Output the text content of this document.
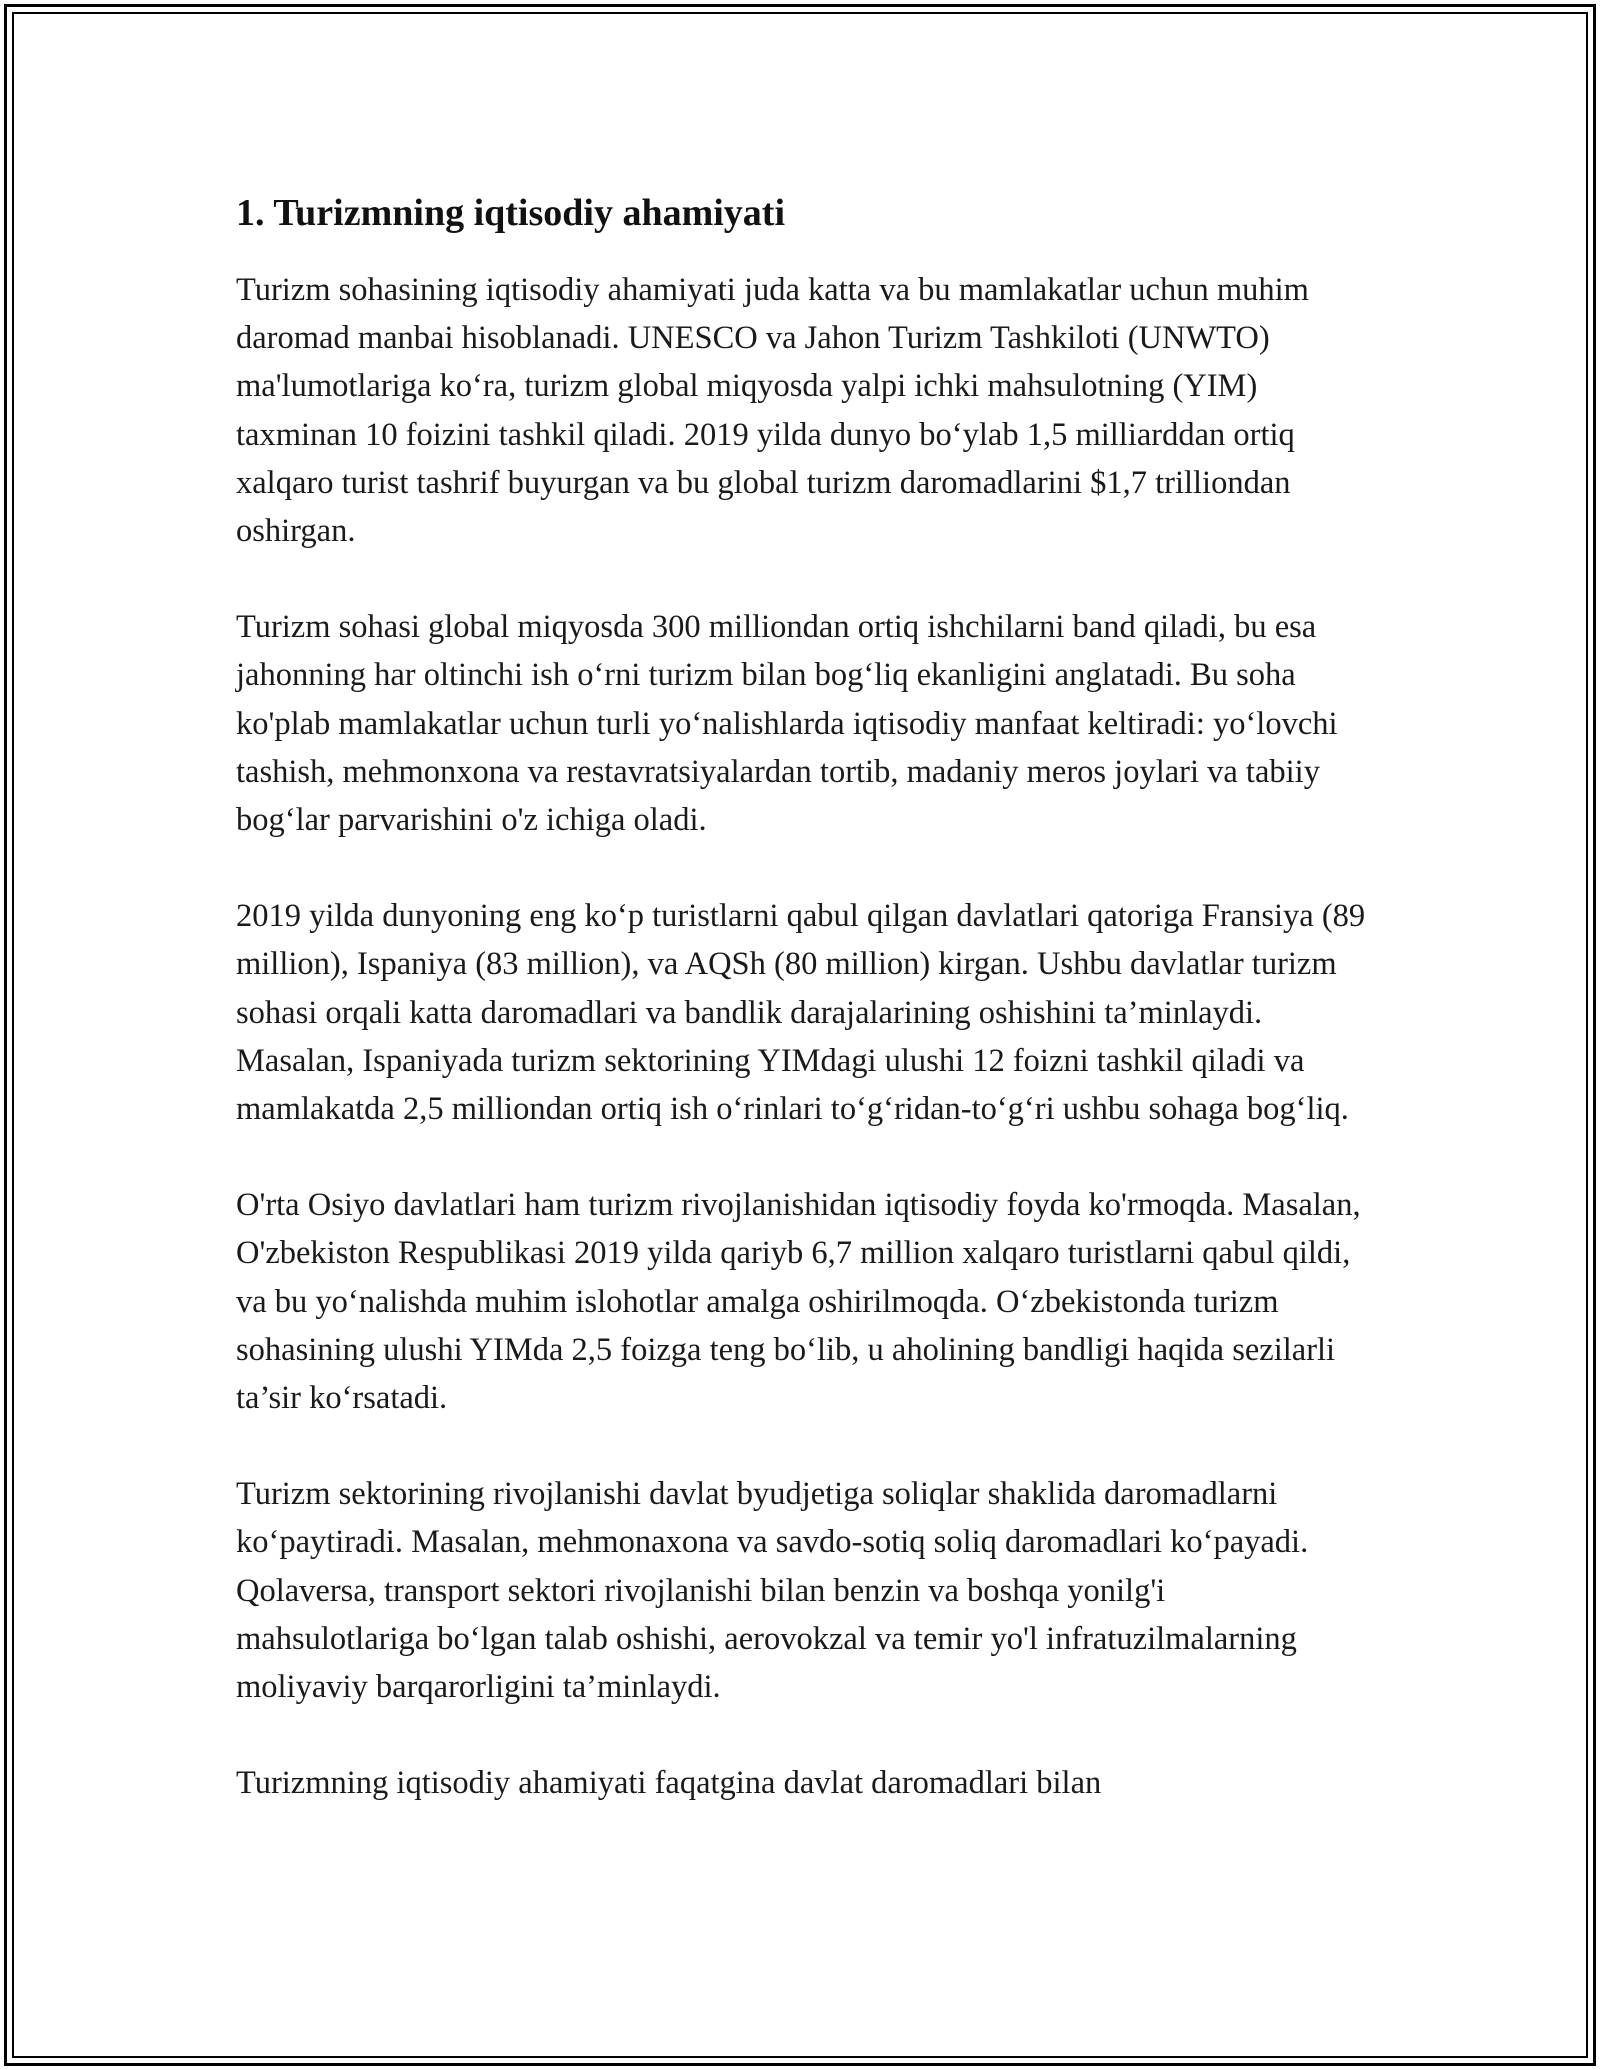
1. Turizmning iqtisodiy ahamiyati

Turizm sohasining iqtisodiy ahamiyati juda katta va bu mamlakatlar uchun muhim daromad manbai hisoblanadi. UNESCO va Jahon Turizm Tashkiloti (UNWTO) ma'lumotlariga ko‘ra, turizm global miqyosda yalpi ichki mahsulotning (YIM) taxminan 10 foizini tashkil qiladi. 2019 yilda dunyo bo‘ylab 1,5 milliarddan ortiq xalqaro turist tashrif buyurgan va bu global turizm daromadlarini $1,7 trilliondan oshirgan.

Turizm sohasi global miqyosda 300 milliondan ortiq ishchilarni band qiladi, bu esa jahonning har oltinchi ish o‘rni turizm bilan bog‘liq ekanligini anglatadi. Bu soha ko'plab mamlakatlar uchun turli yo‘nalishlarda iqtisodiy manfaat keltiradi: yo‘lovchi tashish, mehmonxona va restavratsiyalardan tortib, madaniy meros joylari va tabiiy bog‘lar parvarishini o'z ichiga oladi.

2019 yilda dunyoning eng ko‘p turistlarni qabul qilgan davlatlari qatoriga Fransiya (89 million), Ispaniya (83 million), va AQSh (80 million) kirgan. Ushbu davlatlar turizm sohasi orqali katta daromadlari va bandlik darajalarining oshishini ta’minlaydi. Masalan, Ispaniyada turizm sektorining YIMdagi ulushi 12 foizni tashkil qiladi va mamlakatda 2,5 milliondan ortiq ish o‘rinlari to‘g‘ridan-to‘g‘ri ushbu sohaga bog‘liq.

O'rta Osiyo davlatlari ham turizm rivojlanishidan iqtisodiy foyda ko'rmoqda. Masalan, O'zbekiston Respublikasi 2019 yilda qariyb 6,7 million xalqaro turistlarni qabul qildi, va bu yo‘nalishda muhim islohotlar amalga oshirilmoqda. O‘zbekistonda turizm sohasining ulushi YIMda 2,5 foizga teng bo‘lib, u aholining bandligi haqida sezilarli ta’sir ko‘rsatadi.

Turizm sektorining rivojlanishi davlat byudjetiga soliqlar shaklida daromadlarni ko‘paytiradi. Masalan, mehmonaxona va savdo-sotiq soliq daromadlari ko‘payadi. Qolaversa, transport sektori rivojlanishi bilan benzin va boshqa yonilg'i mahsulotlariga bo‘lgan talab oshishi, aerovokzal va temir yo'l infratuzilmalarning moliyaviy barqarorligini ta’minlaydi.

Turizmning iqtisodiy ahamiyati faqatgina davlat daromadlari bilan
